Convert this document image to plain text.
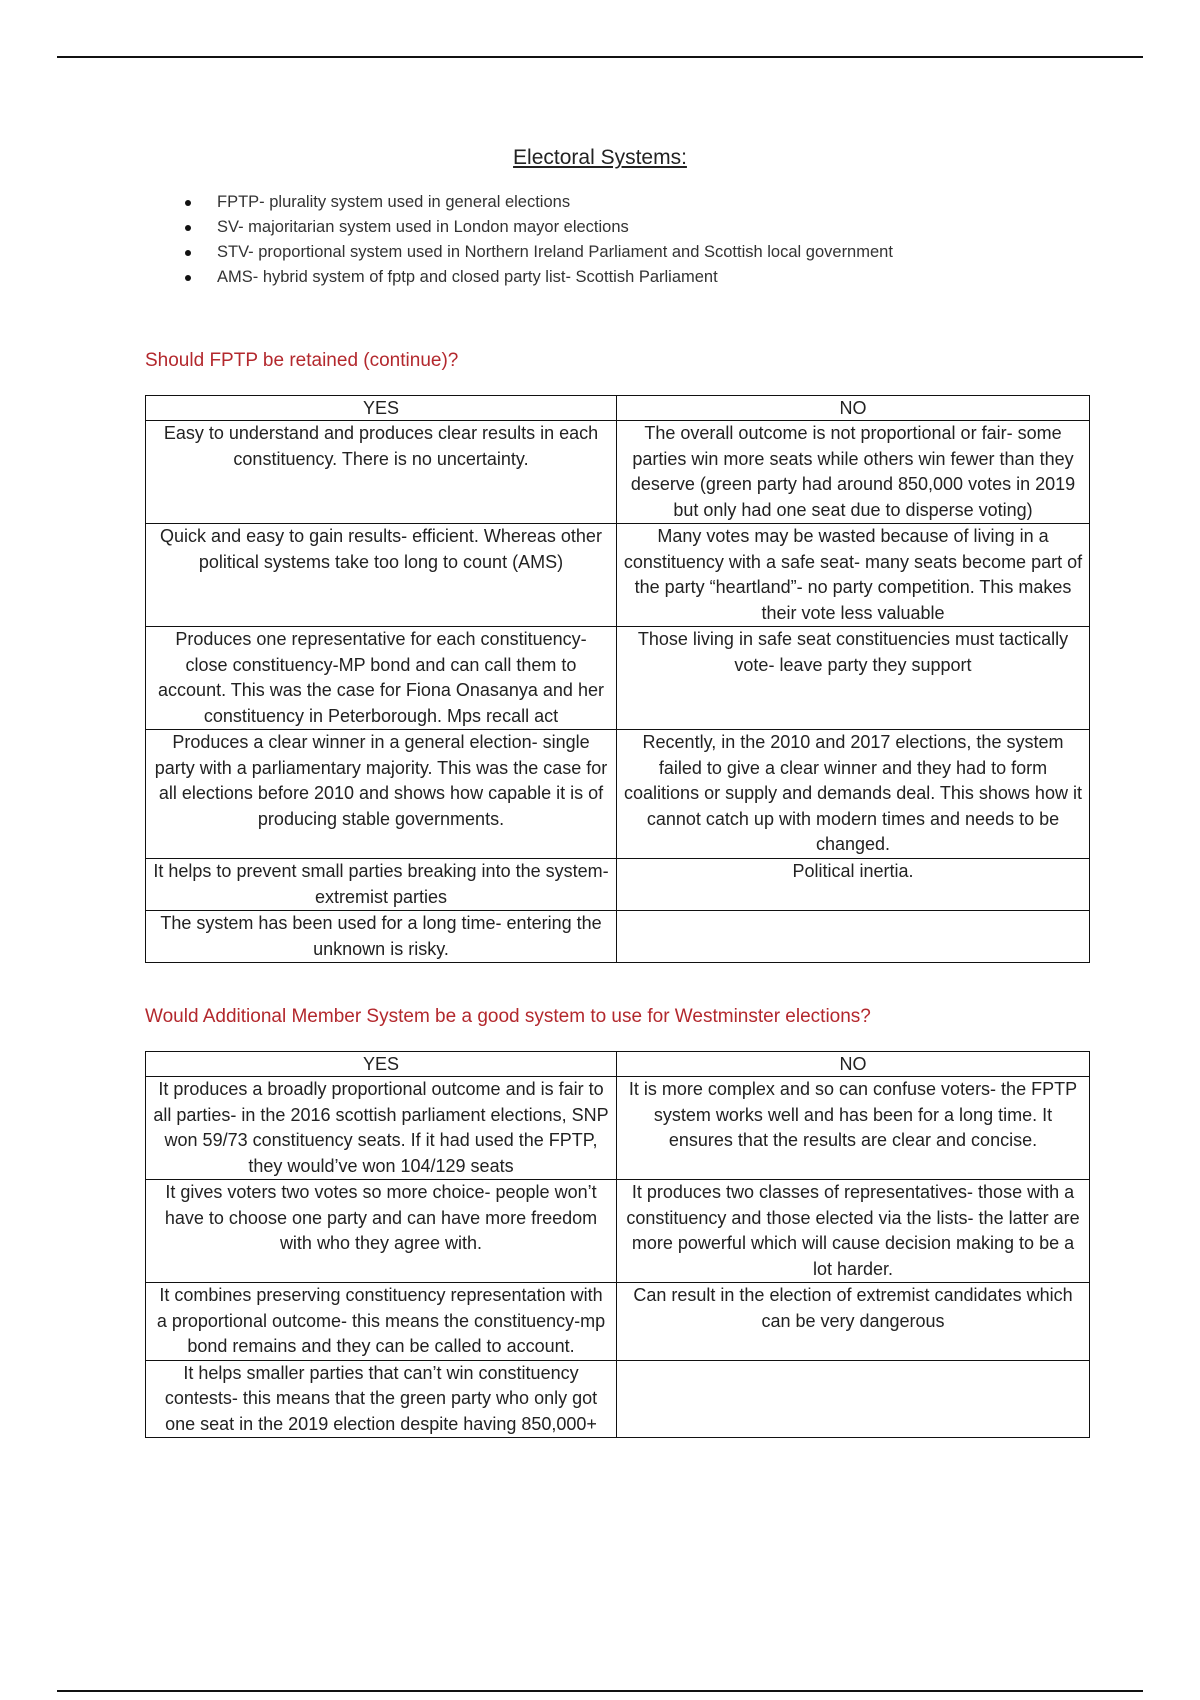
Electoral Systems:
FPTP- plurality system used in general elections
SV- majoritarian system used in London mayor elections
STV- proportional system used in Northern Ireland Parliament and Scottish local government
AMS- hybrid system of fptp and closed party list- Scottish Parliament
Should FPTP be retained (continue)?
YES	NO
Easy to understand and produces clear results in each constituency. There is no uncertainty.	The overall outcome is not proportional or fair- some parties win more seats while others win fewer than they deserve (green party had around 850,000 votes in 2019 but only had one seat due to disperse voting)
Quick and easy to gain results- efficient. Whereas other political systems take too long to count (AMS)	Many votes may be wasted because of living in a constituency with a safe seat- many seats become part of the party “heartland”- no party competition. This makes their vote less valuable
Produces one representative for each constituency- close constituency-MP bond and can call them to account. This was the case for Fiona Onasanya and her constituency in Peterborough. Mps recall act	Those living in safe seat constituencies must tactically vote- leave party they support
Produces a clear winner in a general election- single party with a parliamentary majority. This was the case for all elections before 2010 and shows how capable it is of producing stable governments.	Recently, in the 2010 and 2017 elections, the system failed to give a clear winner and they had to form coalitions or supply and demands deal. This shows how it cannot catch up with modern times and needs to be changed.
It helps to prevent small parties breaking into the system- extremist parties	Political inertia.
The system has been used for a long time- entering the unknown is risky.	
Would Additional Member System be a good system to use for Westminster elections?
YES	NO
It produces a broadly proportional outcome and is fair to all parties- in the 2016 scottish parliament elections, SNP won 59/73 constituency seats. If it had used the FPTP, they would’ve won 104/129 seats	It is more complex and so can confuse voters- the FPTP system works well and has been for a long time. It ensures that the results are clear and concise.
It gives voters two votes so more choice- people won’t have to choose one party and can have more freedom with who they agree with.	It produces two classes of representatives- those with a constituency and those elected via the lists- the latter are more powerful which will cause decision making to be a lot harder.
It combines preserving constituency representation with a proportional outcome- this means the constituency-mp bond remains and they can be called to account.	Can result in the election of extremist candidates which can be very dangerous
It helps smaller parties that can’t win constituency contests- this means that the green party who only got one seat in the 2019 election despite having 850,000+	
